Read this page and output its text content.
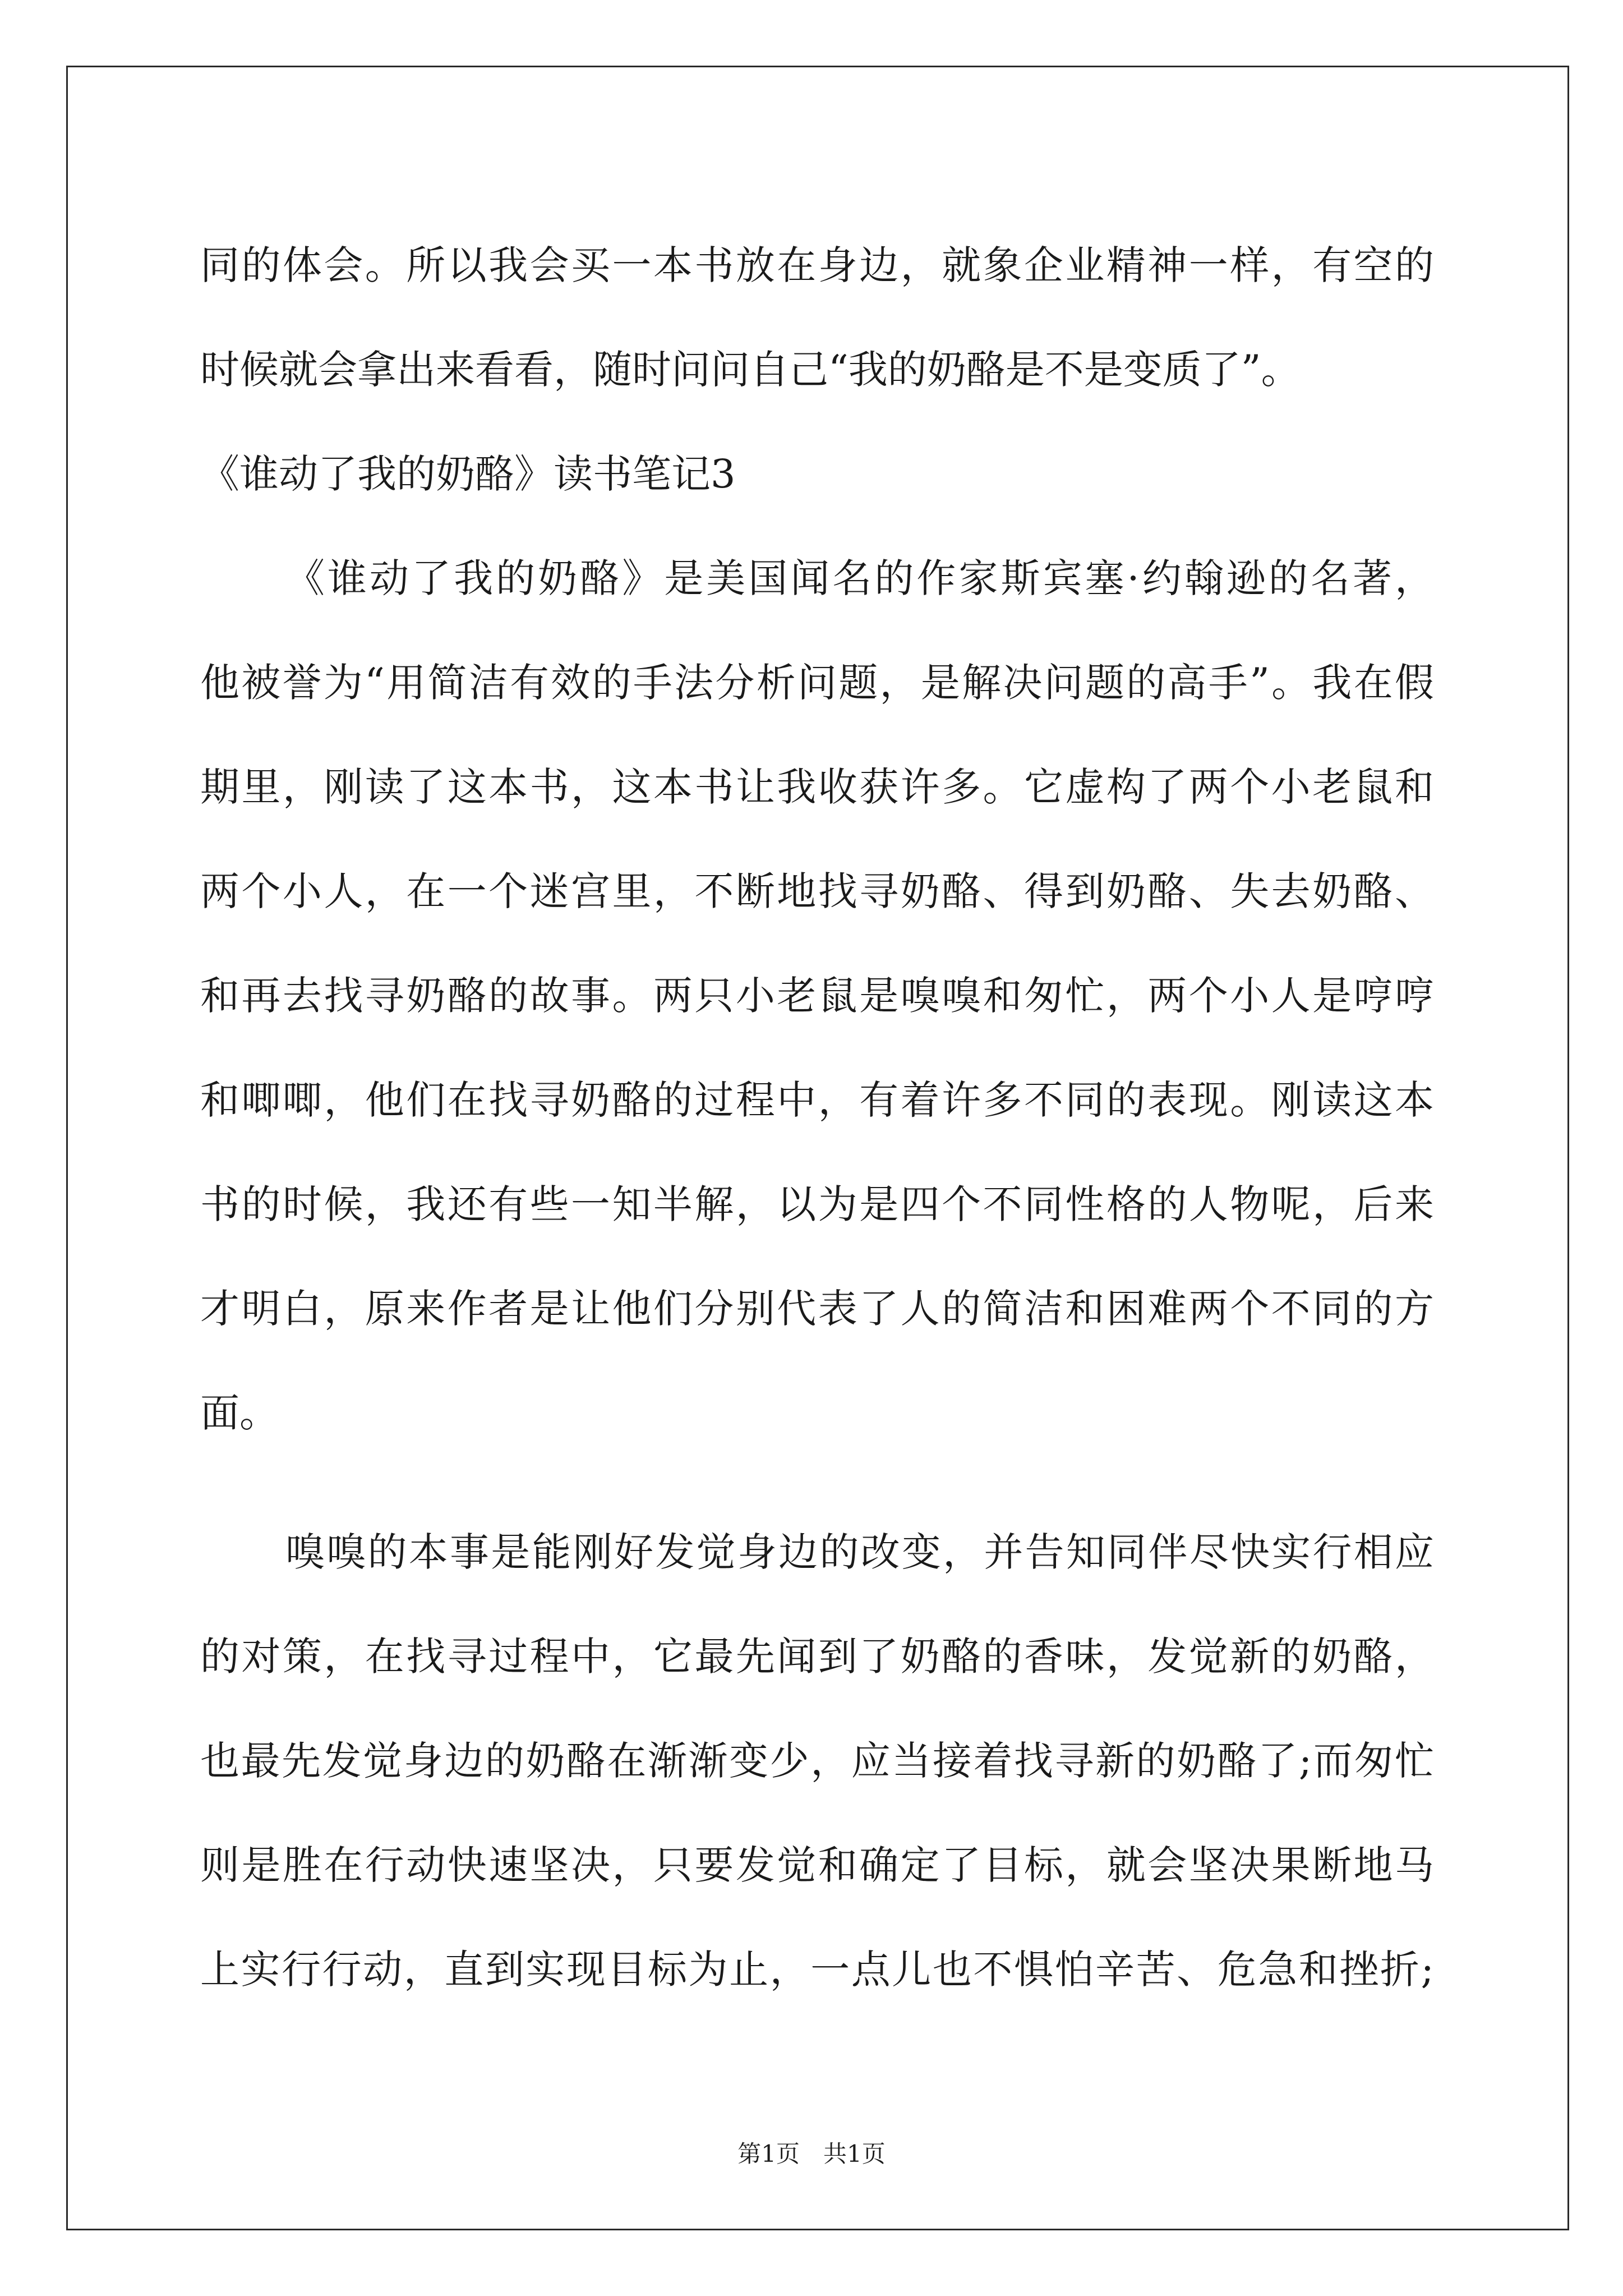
同的体会。所以我会买一本书放在身边，就象企业精神一样，有空的
时候就会拿出来看看，随时问问自己“我的奶酪是不是变质了”。
《谁动了我的奶酪》读书笔记3
《谁动了我的奶酪》是美国闻名的作家斯宾塞·约翰逊的名著，
他被誉为“用简洁有效的手法分析问题，是解决问题的高手”。我在假
期里，刚读了这本书，这本书让我收获许多。它虚构了两个小老鼠和
两个小人，在一个迷宫里，不断地找寻奶酪、得到奶酪、失去奶酪、
和再去找寻奶酪的故事。两只小老鼠是嗅嗅和匆忙，两个小人是哼哼
和唧唧，他们在找寻奶酪的过程中，有着许多不同的表现。刚读这本
书的时候，我还有些一知半解，以为是四个不同性格的人物呢，后来
才明白，原来作者是让他们分别代表了人的简洁和困难两个不同的方
面。
嗅嗅的本事是能刚好发觉身边的改变，并告知同伴尽快实行相应
的对策，在找寻过程中，它最先闻到了奶酪的香味，发觉新的奶酪，
也最先发觉身边的奶酪在渐渐变少，应当接着找寻新的奶酪了;而匆忙
则是胜在行动快速坚决，只要发觉和确定了目标，就会坚决果断地马
上实行行动，直到实现目标为止，一点儿也不惧怕辛苦、危急和挫折;
第1页　共1页
